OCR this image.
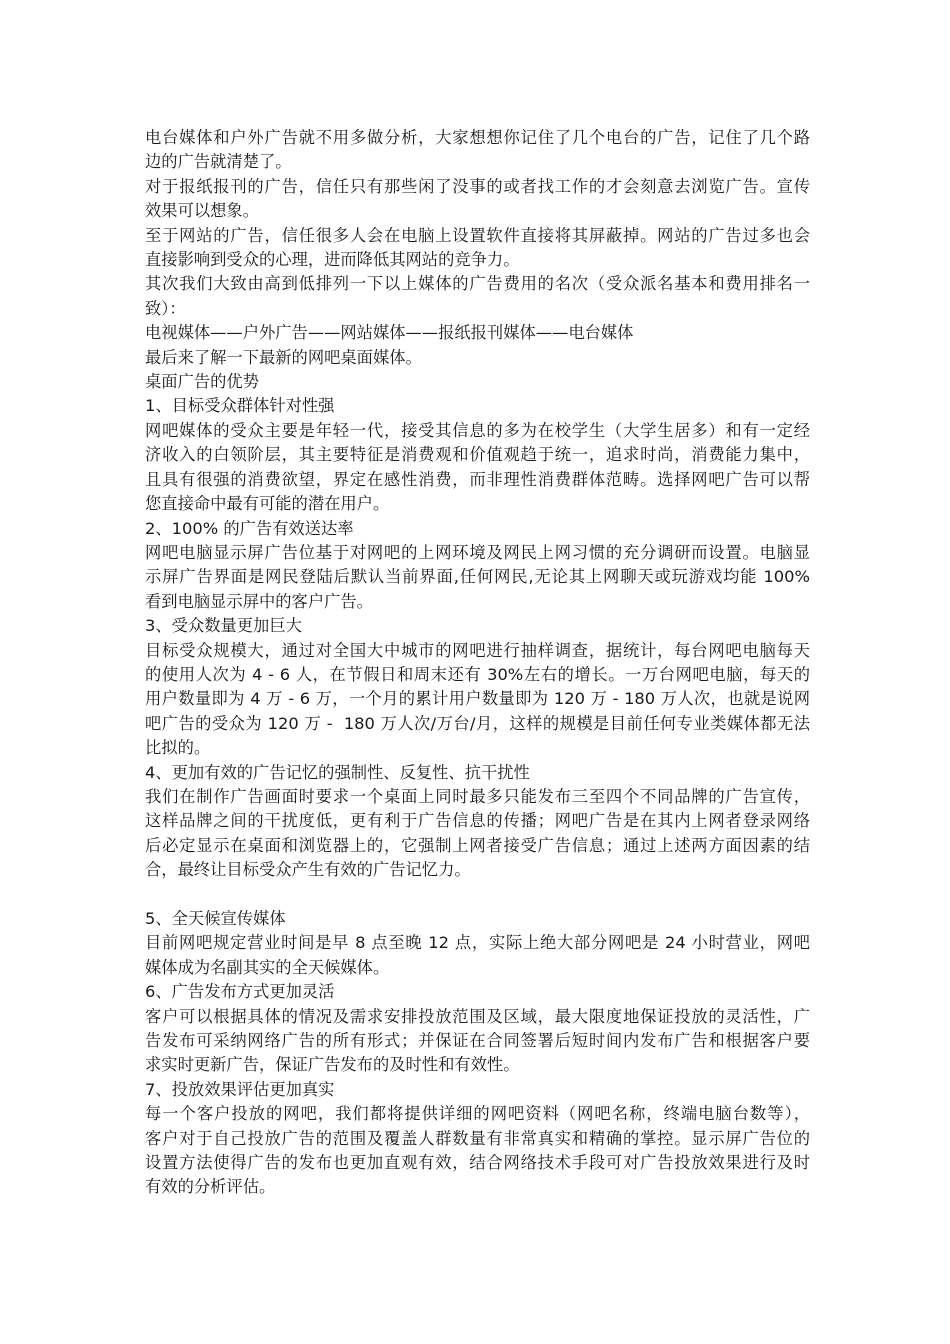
电台媒体和户外广告就不用多做分析，大家想想你记住了几个电台的广告，记住了几个路

边的广告就清楚了。

对于报纸报刊的广告，信任只有那些闲了没事的或者找工作的才会刻意去浏览广告。宣传

效果可以想象。

至于网站的广告，信任很多人会在电脑上设置软件直接将其屏蔽掉。网站的广告过多也会

直接影响到受众的心理，进而降低其网站的竞争力。

其次我们大致由高到低排列一下以上媒体的广告费用的名次（受众派名基本和费用排名一

致）：

电视媒体——户外广告——网站媒体——报纸报刊媒体——电台媒体

最后来了解一下最新的网吧桌面媒体。

桌面广告的优势

1、目标受众群体针对性强

网吧媒体的受众主要是年轻一代，接受其信息的多为在校学生（大学生居多）和有一定经

济收入的白领阶层，其主要特征是消费观和价值观趋于统一，追求时尚，消费能力集中，

且具有很强的消费欲望，界定在感性消费，而非理性消费群体范畴。选择网吧广告可以帮

您直接命中最有可能的潜在用户。

2、100% 的广告有效送达率

网吧电脑显示屏广告位基于对网吧的上网环境及网民上网习惯的充分调研而设置。电脑显

示屏广告界面是网民登陆后默认当前界面,任何网民,无论其上网聊天或玩游戏均能 100%

看到电脑显示屏中的客户广告。

3、受众数量更加巨大

目标受众规模大，通过对全国大中城市的网吧进行抽样调查，据统计，每台网吧电脑每天

的使用人次为 4 - 6 人，在节假日和周末还有 30%左右的增长。一万台网吧电脑，每天的

用户数量即为 4 万 - 6 万，一个月的累计用户数量即为 120 万 - 180 万人次，也就是说网

吧广告的受众为 120 万 -  180 万人次/万台/月，这样的规模是目前任何专业类媒体都无法

比拟的。

4、更加有效的广告记忆的强制性、反复性、抗干扰性

我们在制作广告画面时要求一个桌面上同时最多只能发布三至四个不同品牌的广告宣传，

这样品牌之间的干扰度低，更有利于广告信息的传播；网吧广告是在其内上网者登录网络

后必定显示在桌面和浏览器上的，它强制上网者接受广告信息；通过上述两方面因素的结

合，最终让目标受众产生有效的广告记忆力。

5、全天候宣传媒体

目前网吧规定营业时间是早 8 点至晚 12 点，实际上绝大部分网吧是 24 小时营业，网吧

媒体成为名副其实的全天候媒体。

6、广告发布方式更加灵活

客户可以根据具体的情况及需求安排投放范围及区域，最大限度地保证投放的灵活性，广

告发布可采纳网络广告的所有形式；并保证在合同签署后短时间内发布广告和根据客户要

求实时更新广告，保证广告发布的及时性和有效性。

7、投放效果评估更加真实

每一个客户投放的网吧，我们都将提供详细的网吧资料（网吧名称，终端电脑台数等），

客户对于自己投放广告的范围及覆盖人群数量有非常真实和精确的掌控。显示屏广告位的

设置方法使得广告的发布也更加直观有效，结合网络技术手段可对广告投放效果进行及时

有效的分析评估。
